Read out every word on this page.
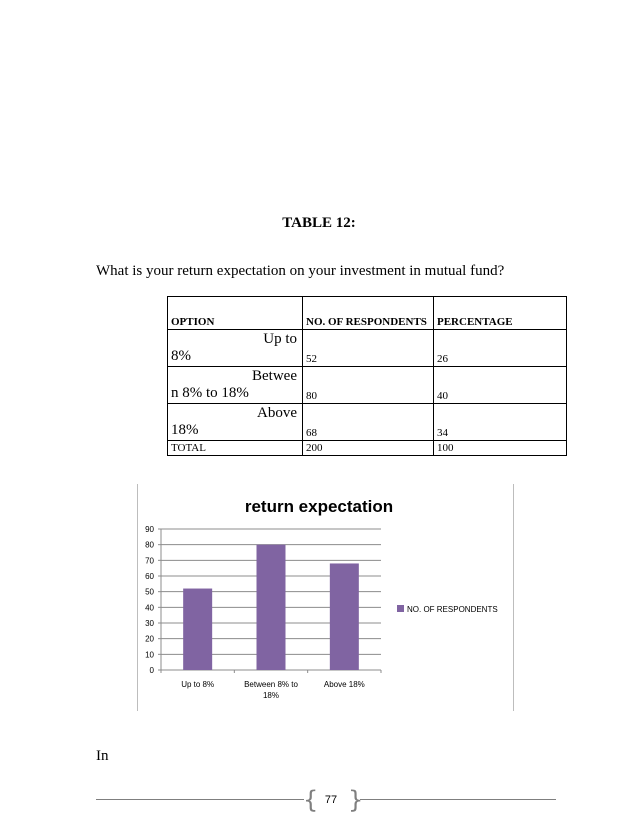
TABLE 12:
What is your return expectation on your investment in mutual fund?
OPTION	NO. OF RESPONDENTS	PERCENTAGE

Up to
8%	52	26

Betwee
n 8% to 18%	80	40

Above
18%	68	34
TOTAL	200	100
return expectation
0
10
20
30
40
50
60
70
80
90
Up to 8%	Between 8% to
18%
Above 18%
NO. OF RESPONDENTS
In
{ }
77
